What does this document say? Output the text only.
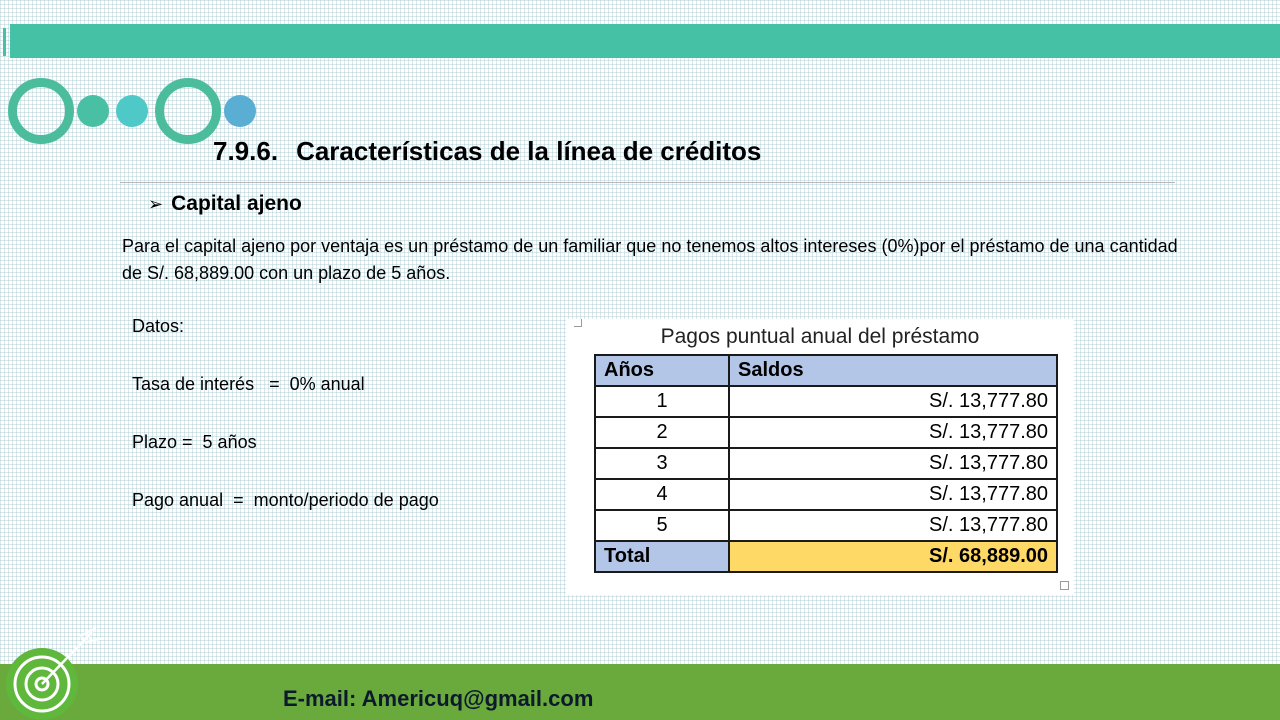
7.9.6. Características de la línea de créditos
➢ Capital ajeno
Para el capital ajeno por ventaja es un préstamo de un familiar que no tenemos altos intereses (0%)por el préstamo de una cantidad de S/. 68,889.00 con un plazo de 5 años.

Datos:

Tasa de interés   =  0% anual

Plazo =  5 años

Pago anual  =  monto/periodo de pago

Pagos puntual anual del préstamo
Años	Saldos
1	S/. 13,777.80
2	S/. 13,777.80
3	S/. 13,777.80
4	S/. 13,777.80
5	S/. 13,777.80
Total	S/. 68,889.00
E-mail: Americuq@gmail.com
